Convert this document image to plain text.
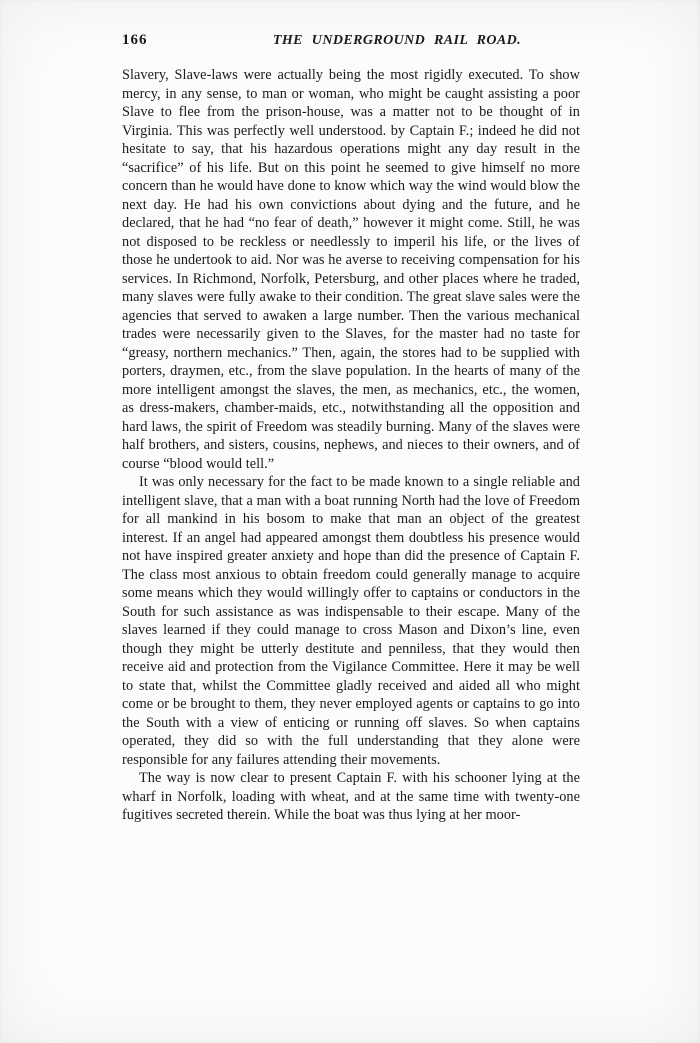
166	THE UNDERGROUND RAIL ROAD.

Slavery, Slave-laws were actually being the most rigidly executed. To show mercy, in any sense, to man or woman, who might be caught assisting a poor Slave to flee from the prison-house, was a matter not to be thought of in Virginia. This was perfectly well understood. by Captain F.; indeed he did not hesitate to say, that his hazardous operations might any day result in the “sacrifice” of his life. But on this point he seemed to give himself no more concern than he would have done to know which way the wind would blow the next day. He had his own convictions about dying and the future, and he declared, that he had “no fear of death,” however it might come. Still, he was not disposed to be reckless or needlessly to imperil his life, or the lives of those he undertook to aid. Nor was he averse to receiving compensation for his services. In Richmond, Norfolk, Petersburg, and other places where he traded, many slaves were fully awake to their condition. The great slave sales were the agencies that served to awaken a large number. Then the various mechanical trades were necessarily given to the Slaves, for the master had no taste for “greasy, northern mechanics.” Then, again, the stores had to be supplied with porters, draymen, etc., from the slave population. In the hearts of many of the more intelligent amongst the slaves, the men, as mechanics, etc., the women, as dress-makers, chamber-maids, etc., notwithstanding all the opposition and hard laws, the spirit of Freedom was steadily burning. Many of the slaves were half brothers, and sisters, cousins, nephews, and nieces to their owners, and of course “blood would tell.”

It was only necessary for the fact to be made known to a single reliable and intelligent slave, that a man with a boat running North had the love of Freedom for all mankind in his bosom to make that man an object of the greatest interest. If an angel had appeared amongst them doubtless his presence would not have inspired greater anxiety and hope than did the presence of Captain F. The class most anxious to obtain freedom could generally manage to acquire some means which they would willingly offer to captains or conductors in the South for such assistance as was indispensable to their escape. Many of the slaves learned if they could manage to cross Mason and Dixon’s line, even though they might be utterly destitute and penniless, that they would then receive aid and protection from the Vigilance Committee. Here it may be well to state that, whilst the Committee gladly received and aided all who might come or be brought to them, they never employed agents or captains to go into the South with a view of enticing or running off slaves. So when captains operated, they did so with the full understanding that they alone were responsible for any failures attending their movements.

The way is now clear to present Captain F. with his schooner lying at the wharf in Norfolk, loading with wheat, and at the same time with twenty-one fugitives secreted therein. While the boat was thus lying at her moor-
